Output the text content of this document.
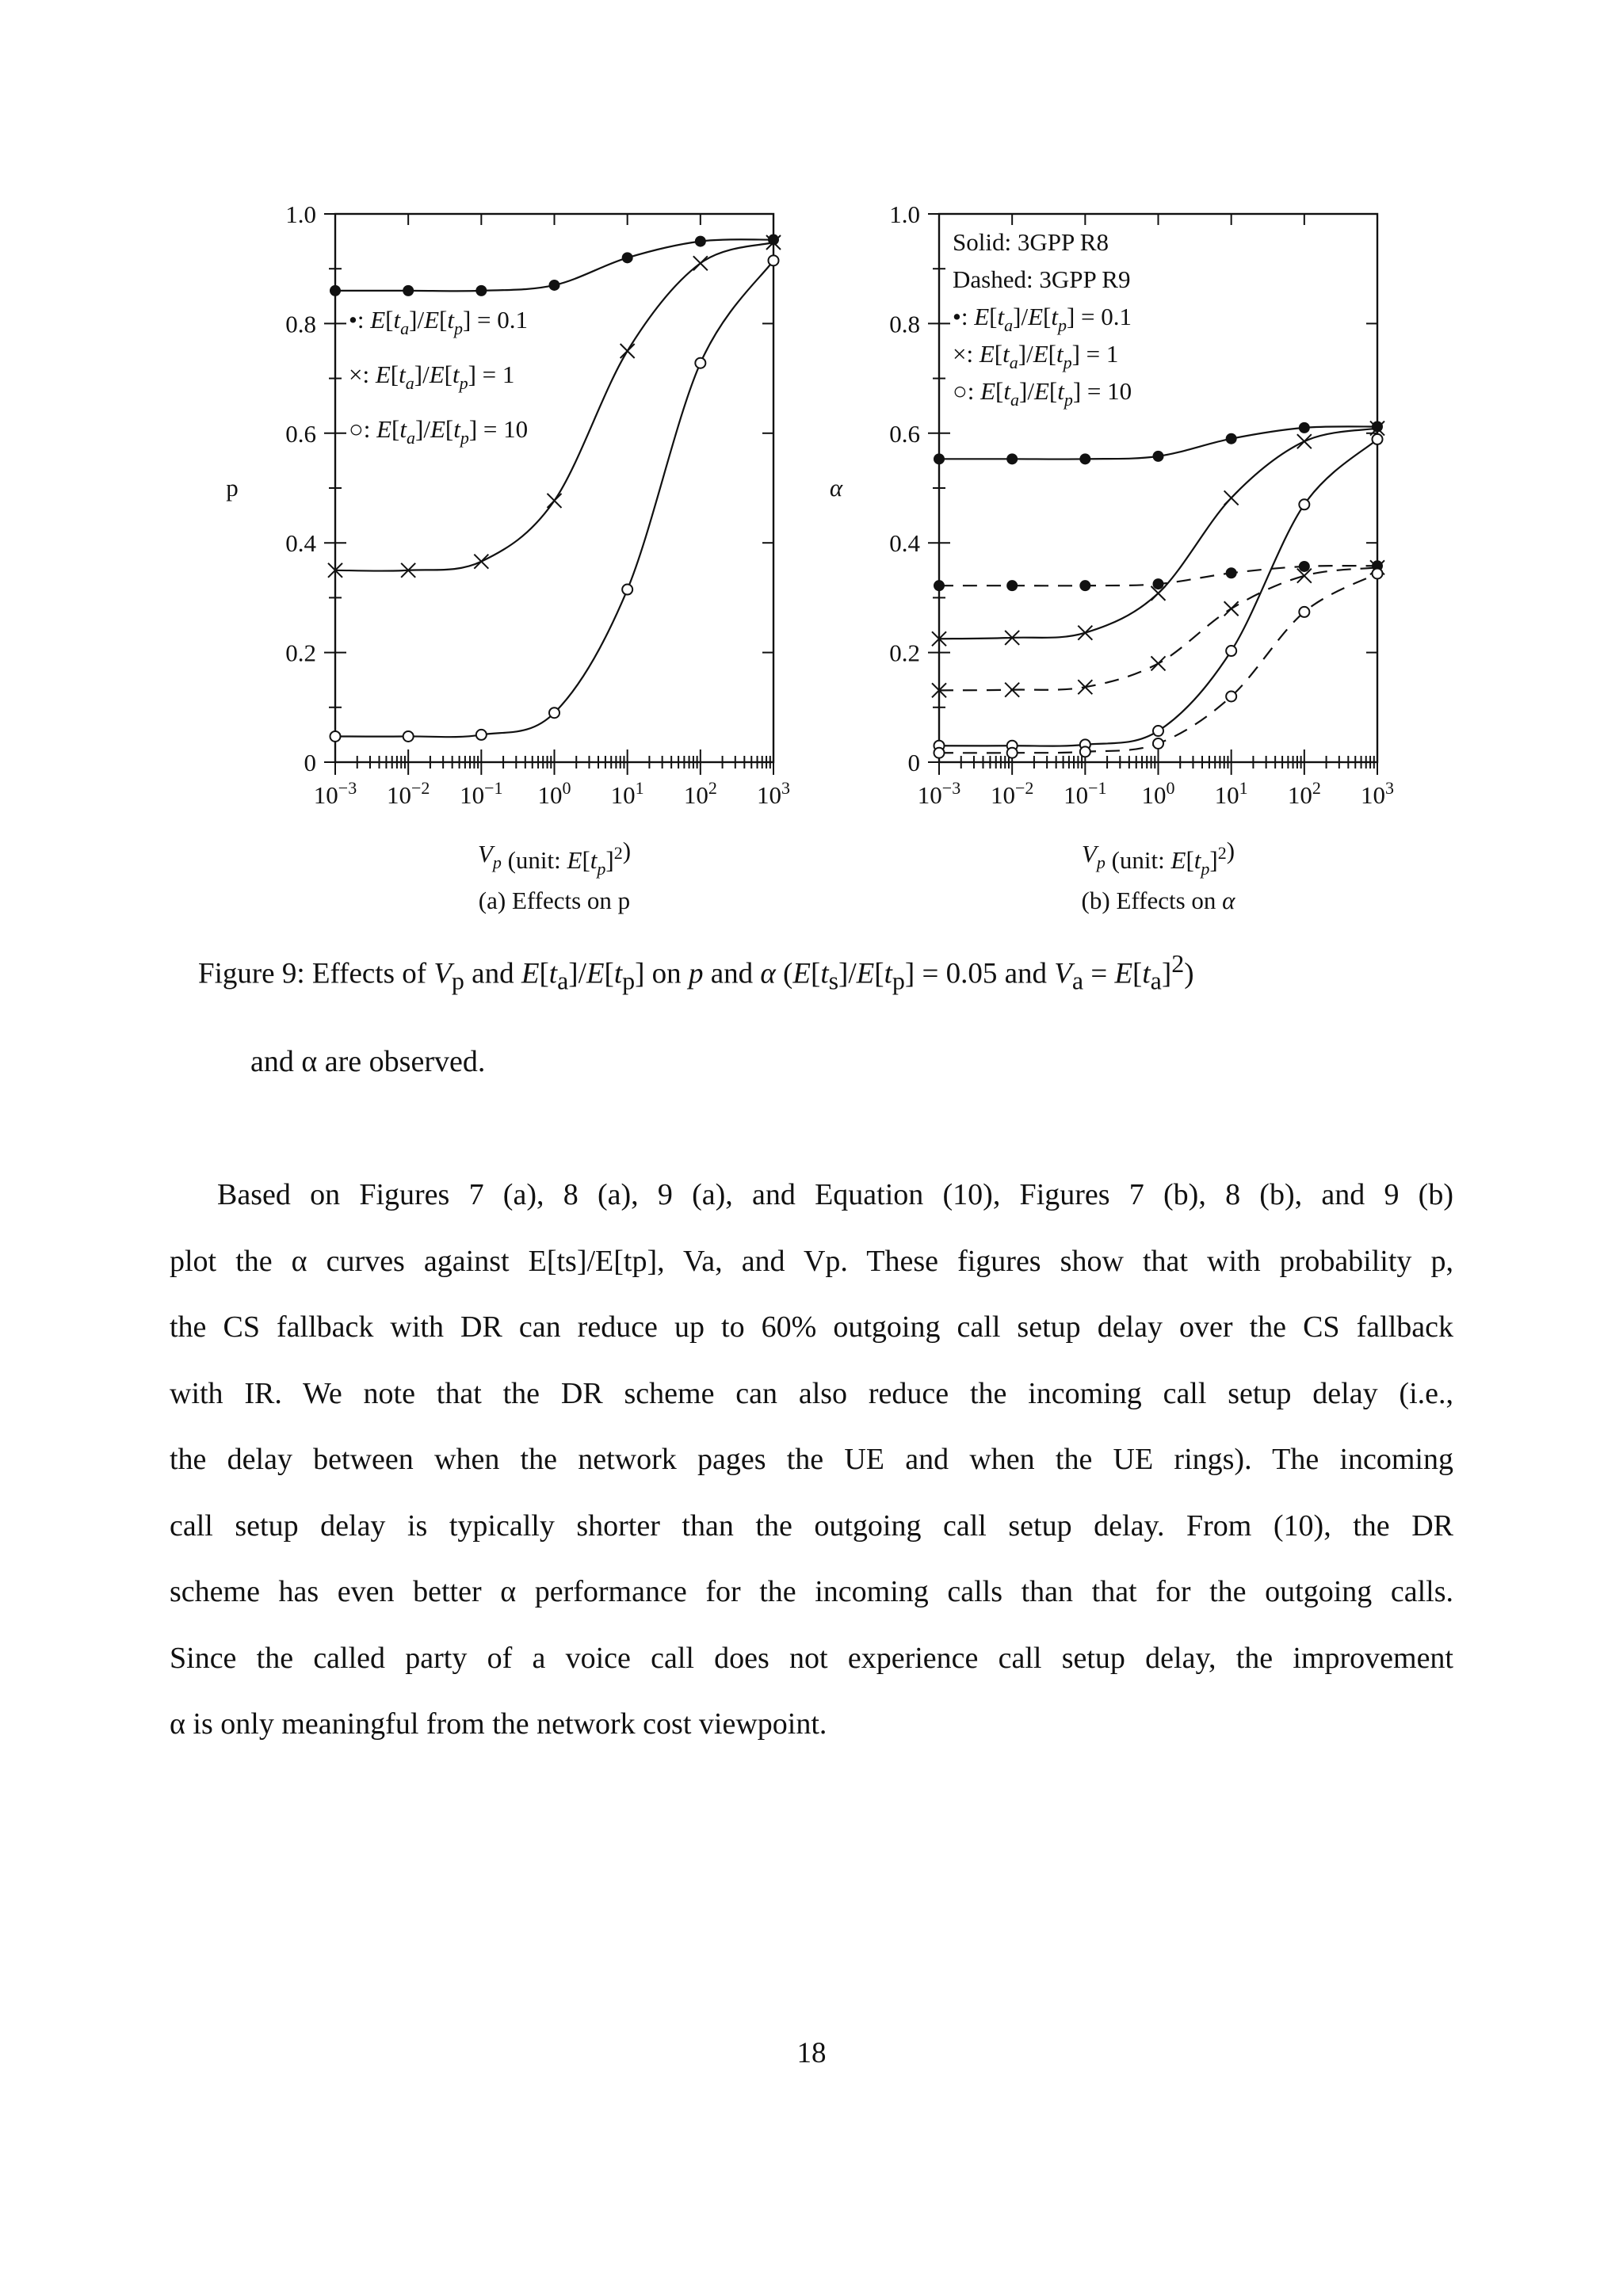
0
0.2
0.4
0.6
0.8
1.0
$10^{-3}$ $10^{-2}$ $10^{-1}$ $10^0$ $10^1$ $10^2$ $10^3$
$V_p$ (unit: $E[t_p]^2$)
p
(a) Effects on p
•: $E[t_a]/E[t_p] = 0.1$
×: $E[t_a]/E[t_p] = 1$
○: $E[t_a]/E[t_p] = 10$
0
0.2
0.4
0.6
0.8
1.0
$10^{-3}$ $10^{-2}$ $10^{-1}$ $10^0$ $10^1$ $10^2$ $10^3$
$V_p$ (unit: $E[t_p]^2$)
α
(b) Effects on α
Solid: 3GPP R8
Dashed: 3GPP R9
•: $E[t_a]/E[t_p] = 0.1$
×: $E[t_a]/E[t_p] = 1$
○: $E[t_a]/E[t_p] = 10$
Figure 9: Effects of $V_p$ and $E[t_a]/E[t_p]$ on p and α ($E[t_s]/E[t_p] = 0.05$ and $V_a = E[t_a]^2$)
and α are observed.
Based on Figures 7 (a), 8 (a), 9 (a), and Equation (10), Figures 7 (b), 8 (b), and 9 (b)
plot the α curves against E[ts]/E[tp], Va, and Vp. These figures show that with probability p,
the CS fallback with DR can reduce up to 60% outgoing call setup delay over the CS fallback
with IR. We note that the DR scheme can also reduce the incoming call setup delay (i.e.,
the delay between when the network pages the UE and when the UE rings). The incoming
call setup delay is typically shorter than the outgoing call setup delay. From (10), the DR
scheme has even better α performance for the incoming calls than that for the outgoing calls.
Since the called party of a voice call does not experience call setup delay, the improvement
α is only meaningful from the network cost viewpoint.
18
